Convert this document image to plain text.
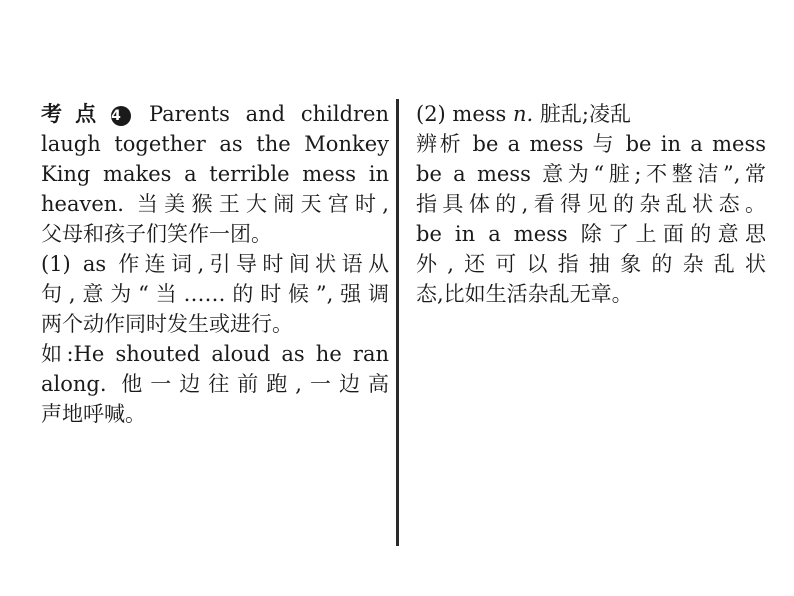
考点 4 Parents and children

laugh together as the Monkey

King makes a terrible mess in

heaven. 当美猴王大闹天宫时,

父母和孩子们笑作一团。

(1) as 作连词,引导时间状语从

句,意为“当……的时候”,强调

两个动作同时发生或进行。

如:He shouted aloud as he ran

along. 他一边往前跑,一边高

声地呼喊。

(2) mess n. 脏乱;凌乱

辨析 be a mess 与 be in a mess

be a mess 意为“脏;不整洁”,常

指具体的,看得见的杂乱状态。

be in a mess 除了上面的意思

外,还可以指抽象的杂乱状

态,比如生活杂乱无章。
